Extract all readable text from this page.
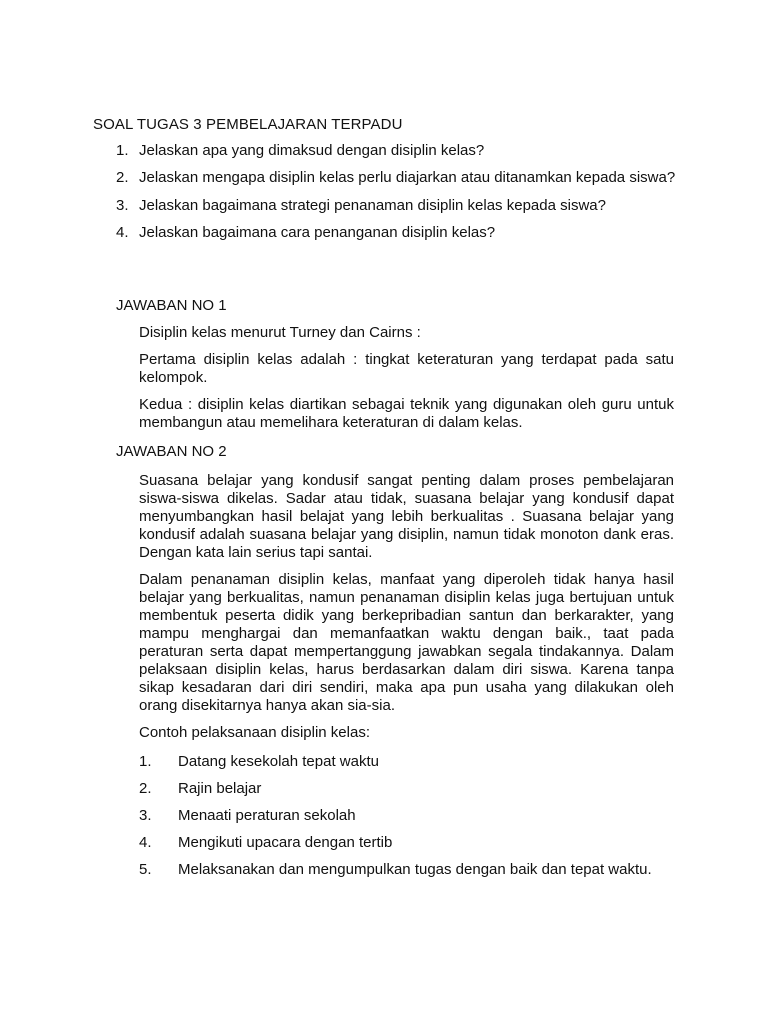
SOAL TUGAS 3 PEMBELAJARAN TERPADU
1. Jelaskan apa yang dimaksud dengan disiplin kelas?
2. Jelaskan mengapa disiplin kelas perlu diajarkan atau ditanamkan kepada siswa?
3. Jelaskan bagaimana strategi penanaman disiplin kelas kepada siswa?
4. Jelaskan bagaimana cara penanganan disiplin kelas?
JAWABAN NO 1

Disiplin kelas menurut Turney dan Cairns :

Pertama disiplin kelas adalah : tingkat keteraturan yang terdapat pada satu kelompok.

Kedua : disiplin kelas diartikan sebagai teknik yang digunakan oleh guru untuk membangun atau memelihara keteraturan di dalam kelas.

JAWABAN NO 2

Suasana belajar yang kondusif sangat penting dalam proses pembelajaran siswa-siswa dikelas. Sadar atau tidak, suasana belajar yang kondusif dapat menyumbangkan hasil belajat yang lebih berkualitas . Suasana belajar yang kondusif adalah suasana belajar yang disiplin, namun tidak monoton dank eras. Dengan kata lain serius tapi santai.

Dalam penanaman disiplin kelas, manfaat yang diperoleh tidak hanya hasil belajar yang berkualitas, namun penanaman disiplin kelas juga bertujuan untuk membentuk peserta didik yang berkepribadian santun dan berkarakter, yang mampu menghargai dan memanfaatkan waktu dengan baik., taat pada peraturan serta dapat mempertanggung jawabkan segala tindakannya. Dalam pelaksaan disiplin kelas, harus berdasarkan dalam diri siswa. Karena tanpa sikap kesadaran dari diri sendiri, maka apa pun usaha yang dilakukan oleh orang disekitarnya hanya akan sia-sia.

Contoh pelaksanaan disiplin kelas:

1.	Datang kesekolah tepat waktu
2.	Rajin belajar
3.	Menaati peraturan sekolah
4.	Mengikuti upacara dengan tertib
5.	Melaksanakan dan mengumpulkan tugas dengan baik dan tepat waktu.
